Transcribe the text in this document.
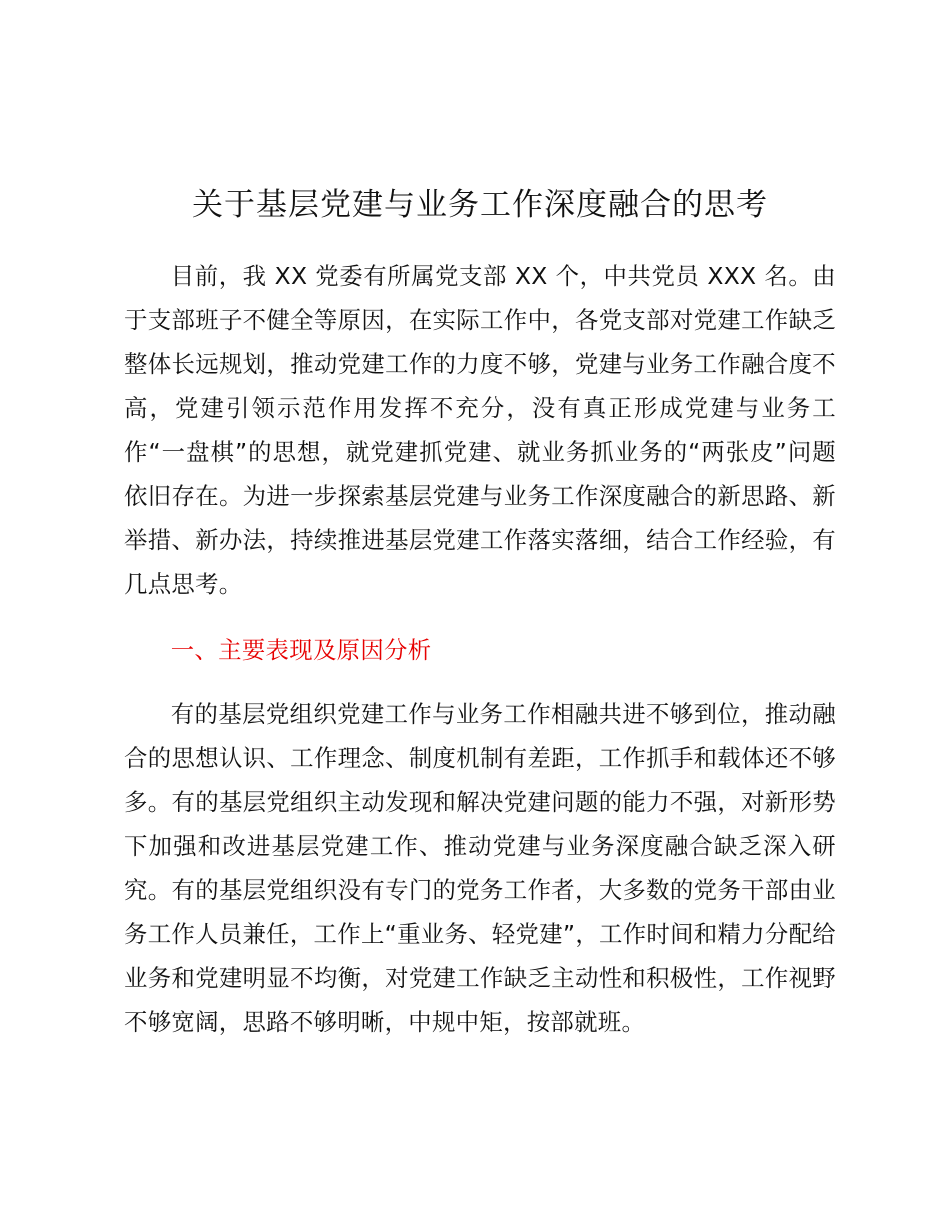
关于基层党建与业务工作深度融合的思考

目前，我 XX 党委有所属党支部 XX 个，中共党员 XXX 名。由于支部班子不健全等原因，在实际工作中，各党支部对党建工作缺乏整体长远规划，推动党建工作的力度不够，党建与业务工作融合度不高，党建引领示范作用发挥不充分，没有真正形成党建与业务工作“一盘棋”的思想，就党建抓党建、就业务抓业务的“两张皮”问题依旧存在。为进一步探索基层党建与业务工作深度融合的新思路、新举措、新办法，持续推进基层党建工作落实落细，结合工作经验，有几点思考。

一、主要表现及原因分析

有的基层党组织党建工作与业务工作相融共进不够到位，推动融合的思想认识、工作理念、制度机制有差距，工作抓手和载体还不够多。有的基层党组织主动发现和解决党建问题的能力不强，对新形势下加强和改进基层党建工作、推动党建与业务深度融合缺乏深入研究。有的基层党组织没有专门的党务工作者，大多数的党务干部由业务工作人员兼任，工作上“重业务、轻党建”，工作时间和精力分配给业务和党建明显不均衡，对党建工作缺乏主动性和积极性，工作视野不够宽阔，思路不够明晰，中规中矩，按部就班。
